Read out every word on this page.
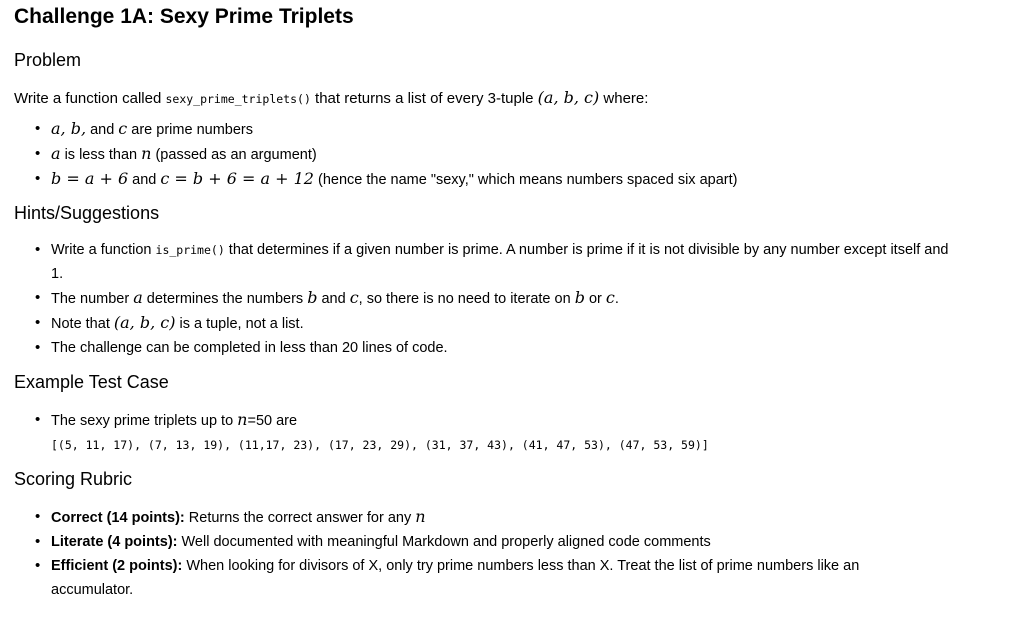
Challenge 1A: Sexy Prime Triplets
Problem
Write a function called sexy_prime_triplets() that returns a list of every 3-tuple (a, b, c) where:
• a, b, and c are prime numbers
• a is less than n (passed as an argument)
• b = a + 6 and c = b + 6 = a + 12 (hence the name "sexy," which means numbers spaced six apart)
Hints/Suggestions
• Write a function is_prime() that determines if a given number is prime. A number is prime if it is not divisible by any number except itself and 1.
• The number a determines the numbers b and c, so there is no need to iterate on b or c.
• Note that (a, b, c) is a tuple, not a list.
• The challenge can be completed in less than 20 lines of code.
Example Test Case
• The sexy prime triplets up to n=50 are
[(5, 11, 17), (7, 13, 19), (11,17, 23), (17, 23, 29), (31, 37, 43), (41, 47, 53), (47, 53, 59)]
Scoring Rubric
• Correct (14 points): Returns the correct answer for any n
• Literate (4 points): Well documented with meaningful Markdown and properly aligned code comments
• Efficient (2 points): When looking for divisors of X, only try prime numbers less than X. Treat the list of prime numbers like an accumulator.
